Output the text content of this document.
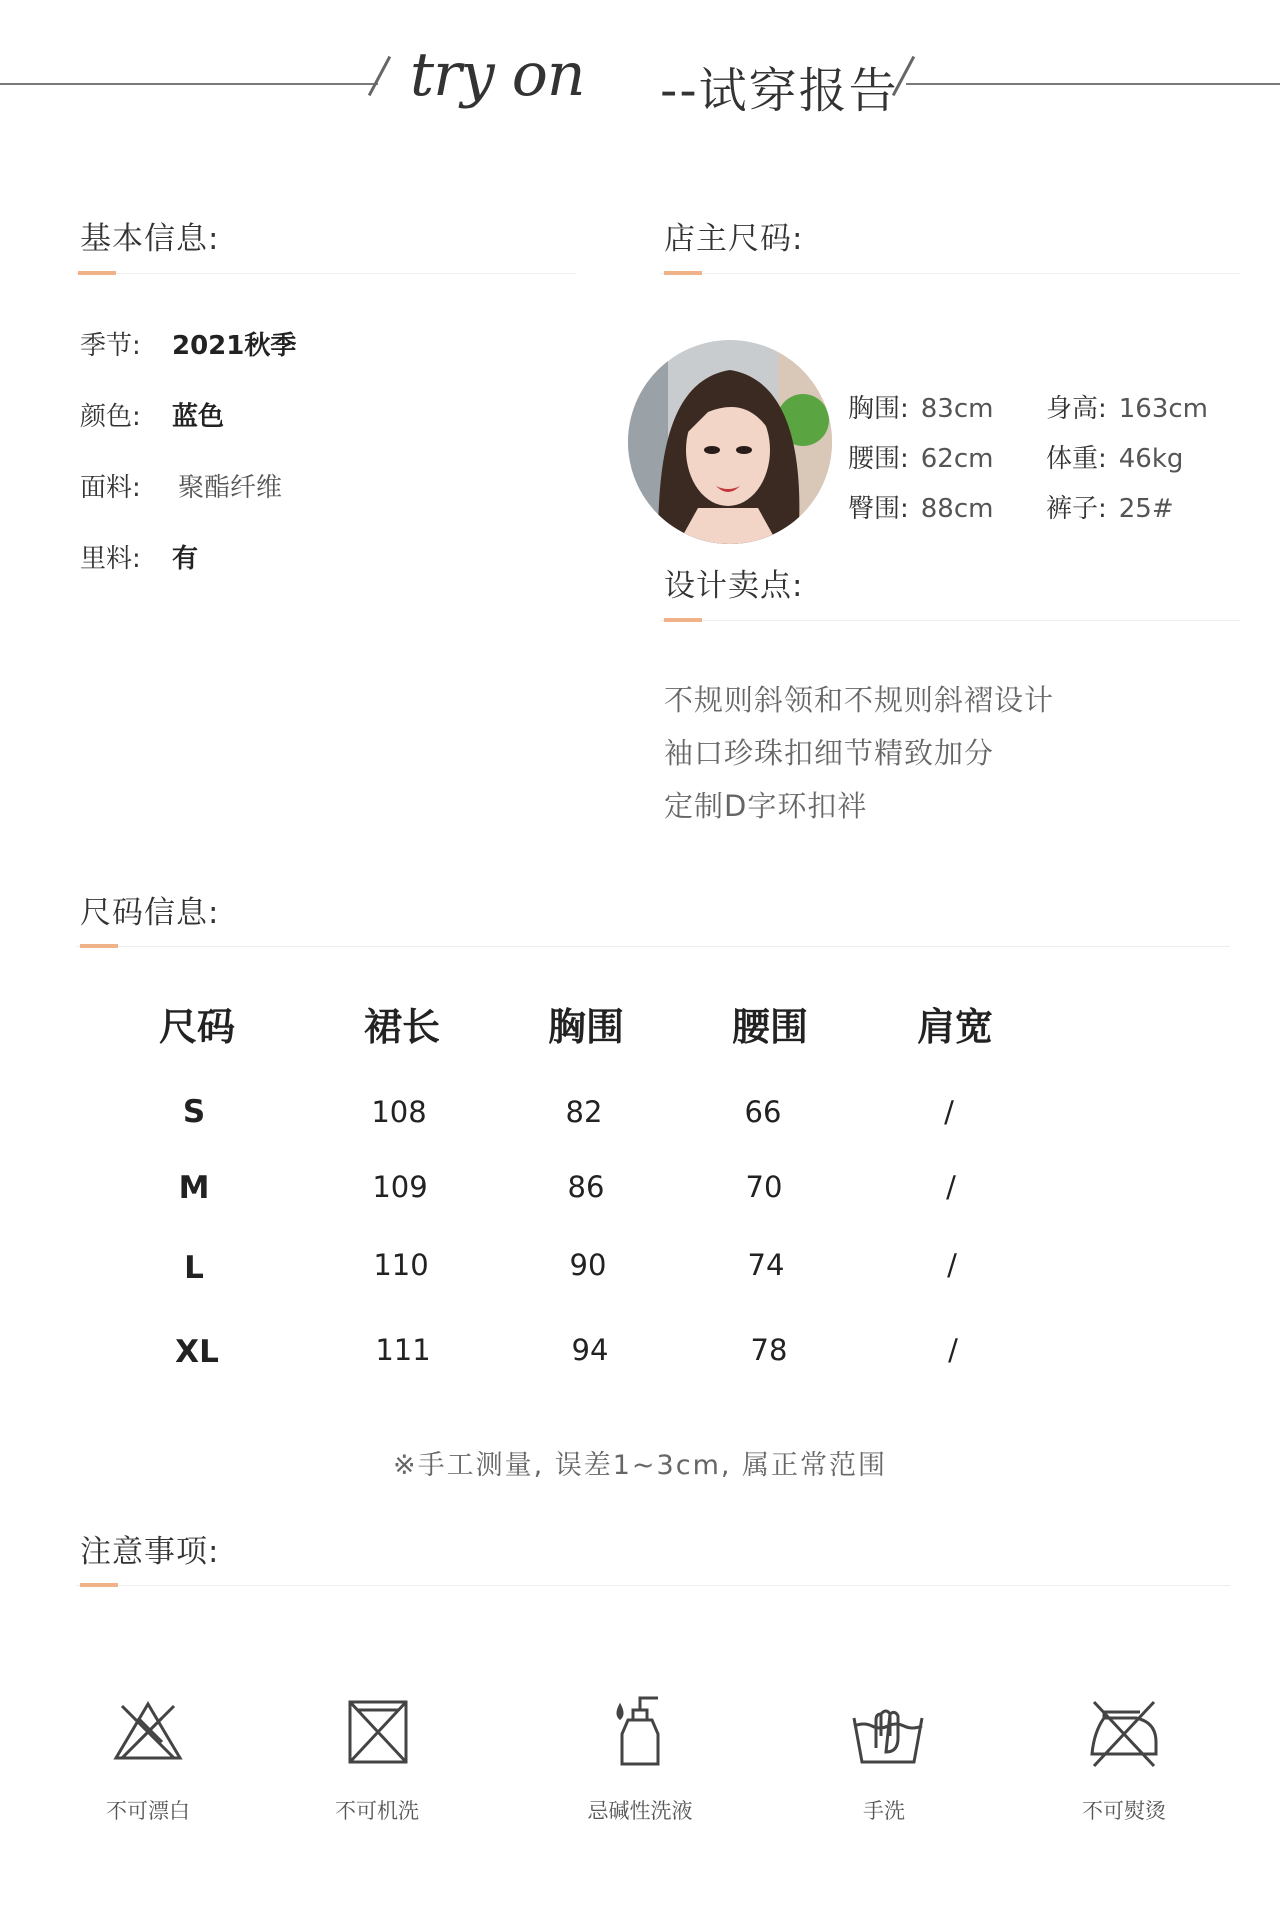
try on --试穿报告
基本信息:
季节: 2021秋季
颜色: 蓝色
面料: 聚酯纤维
里料: 有
店主尺码:
胸围: 83cm 身高: 163cm
腰围: 62cm 体重: 46kg
臀围: 88cm 裤子: 25#
设计卖点:
不规则斜领和不规则斜褶设计
袖口珍珠扣细节精致加分
定制D字环扣袢
尺码信息:
尺码	裙长	胸围	腰围	肩宽
S	108	82	66	/
M	109	86	70	/
L	110	90	74	/
XL	111	94	78	/
※手工测量, 误差1~3cm, 属正常范围
注意事项:
不可漂白	不可机洗	忌碱性洗液	手洗	不可熨烫
